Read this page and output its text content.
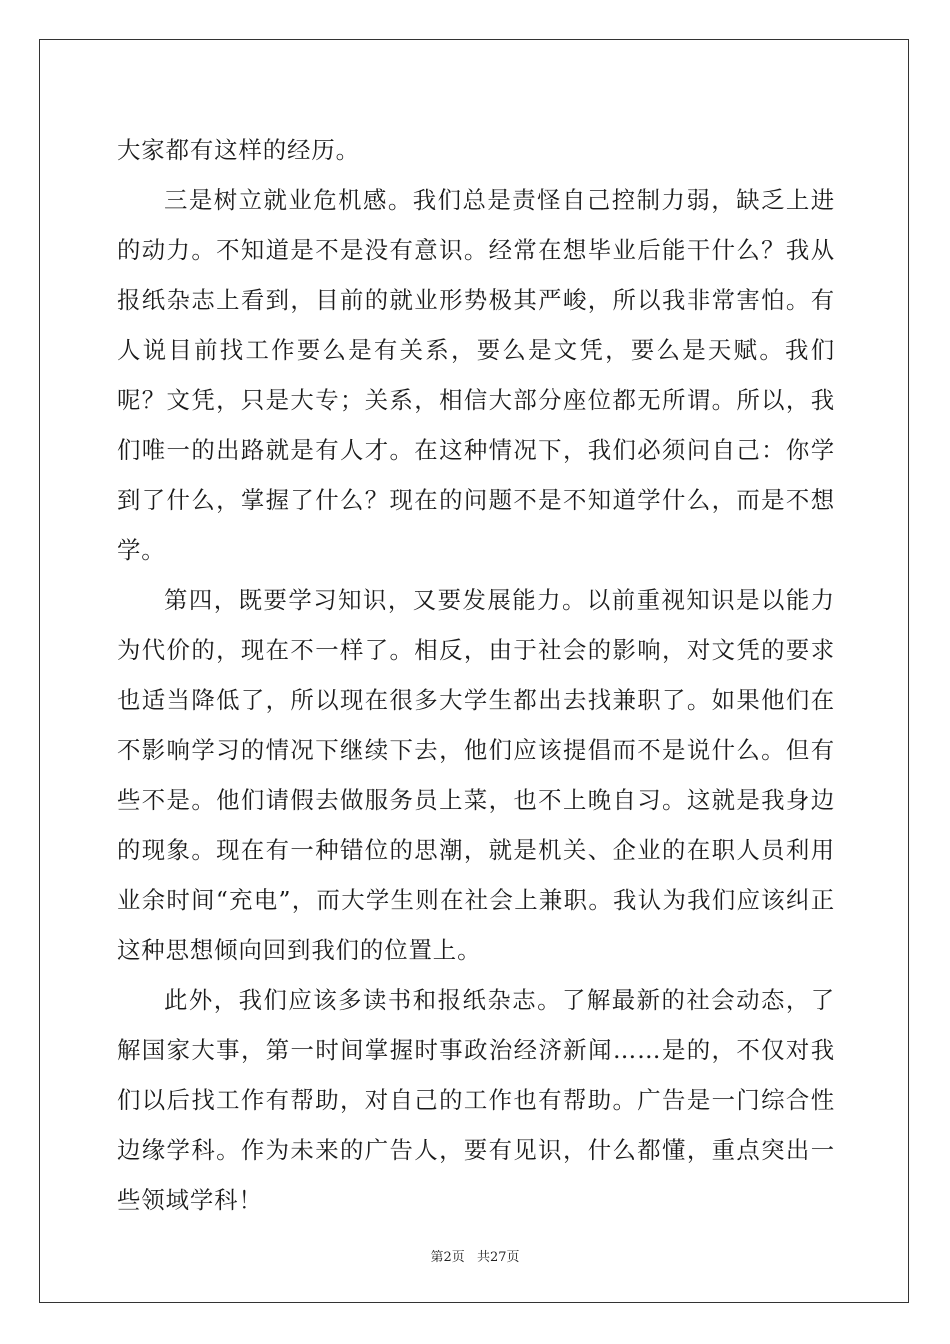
大家都有这样的经历。

三是树立就业危机感。我们总是责怪自己控制力弱，缺乏上进的动力。不知道是不是没有意识。经常在想毕业后能干什么？我从报纸杂志上看到，目前的就业形势极其严峻，所以我非常害怕。有人说目前找工作要么是有关系，要么是文凭，要么是天赋。我们呢？文凭，只是大专；关系，相信大部分座位都无所谓。所以，我们唯一的出路就是有人才。在这种情况下，我们必须问自己：你学到了什么，掌握了什么？现在的问题不是不知道学什么，而是不想学。

第四，既要学习知识，又要发展能力。以前重视知识是以能力为代价的，现在不一样了。相反，由于社会的影响，对文凭的要求也适当降低了，所以现在很多大学生都出去找兼职了。如果他们在不影响学习的情况下继续下去，他们应该提倡而不是说什么。但有些不是。他们请假去做服务员上菜，也不上晚自习。这就是我身边的现象。现在有一种错位的思潮，就是机关、企业的在职人员利用业余时间“充电”，而大学生则在社会上兼职。我认为我们应该纠正这种思想倾向回到我们的位置上。

此外，我们应该多读书和报纸杂志。了解最新的社会动态，了解国家大事，第一时间掌握时事政治经济新闻……是的，不仅对我们以后找工作有帮助，对自己的工作也有帮助。广告是一门综合性边缘学科。作为未来的广告人，要有见识，什么都懂，重点突出一些领域学科！

第2页 共27页
